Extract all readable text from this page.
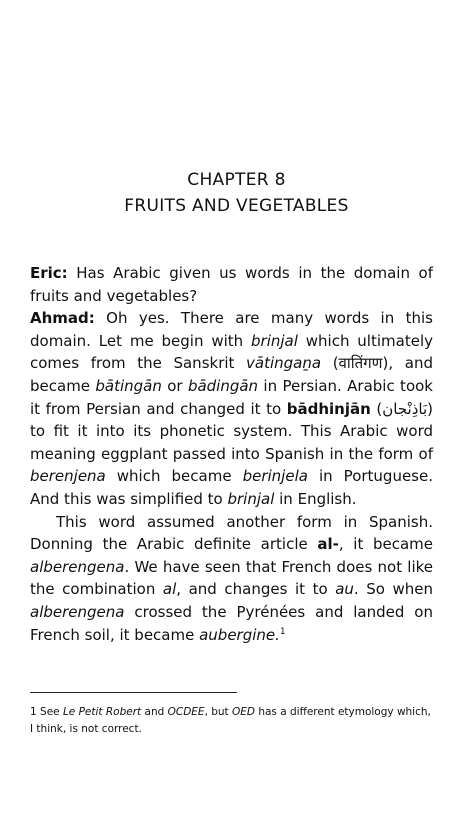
CHAPTER 8
FRUITS AND VEGETABLES

Eric: Has Arabic given us words in the domain of fruits and vegetables?

Ahmad: Oh yes. There are many words in this domain. Let me begin with brinjal which ultimately comes from the Sanskrit vātingaṉa (वातिंगण), and became bātingān or bādingān in Persian. Arabic took it from Persian and changed it to bādhinjān (بَاذِنْجان) to fit it into its phonetic system. This Arabic word meaning eggplant passed into Spanish in the form of berenjena which became berinjela in Portuguese. And this was simplified to brinjal in English.

This word assumed another form in Spanish. Donning the Arabic definite article al-, it became alberengena. We have seen that French does not like the combination al, and changes it to au. So when alberengena crossed the Pyrénées and landed on French soil, it became aubergine.$^1$

1 See Le Petit Robert and OCDEE, but OED has a different etymology which, I think, is not correct.
